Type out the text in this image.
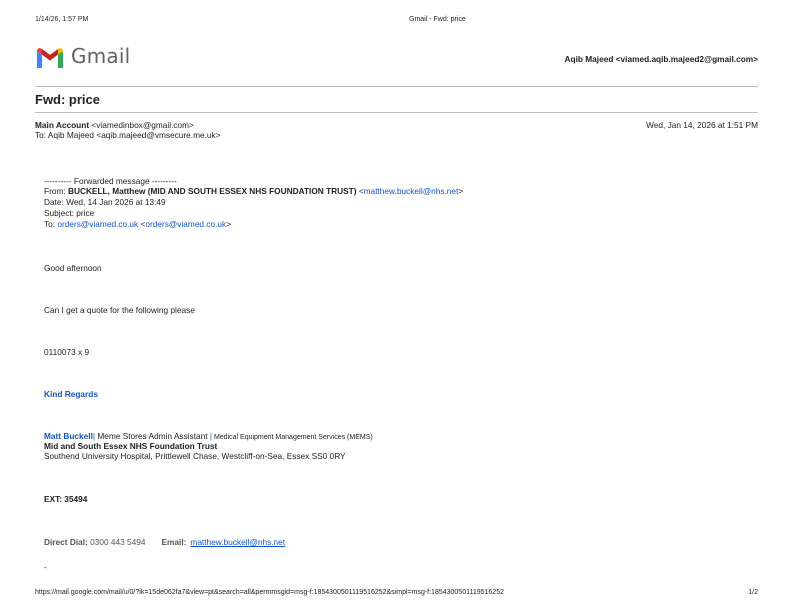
1/14/26, 1:57 PM	Gmail - Fwd: price
Gmail	Aqib Majeed <viamed.aqib.majeed2@gmail.com>
Fwd: price
Main Account <viamedinbox@gmail.com>	Wed, Jan 14, 2026 at 1:51 PM
To: Aqib Majeed <aqib.majeed@vmsecure.me.uk>
---------- Forwarded message ---------
From: BUCKELL, Matthew (MID AND SOUTH ESSEX NHS FOUNDATION TRUST) <matthew.buckell@nhs.net>
Date: Wed, 14 Jan 2026 at 13:49
Subject: price
To: orders@viamed.co.uk <orders@viamed.co.uk>
Good afternoon
Can I get a quote for the following please
0110073 x 9
Kind Regards
Matt Buckell| Meme Stores Admin Assistant | Medical Equipment Management Services (MEMS)
Mid and South Essex NHS Foundation Trust
Southend University Hospital, Prittlewell Chase, Westcliff-on-Sea, Essex SS0 0RY
EXT: 35494
Direct Dial: 0300 443 5494 Email: matthew.buckell@nhs.net
-
https://mail.google.com/mail/u/0/?ik=15de062fa7&view=pt&search=all&permmsgid=msg-f:1854300501119516252&simpl=msg-f:1854300501119516252	1/2
